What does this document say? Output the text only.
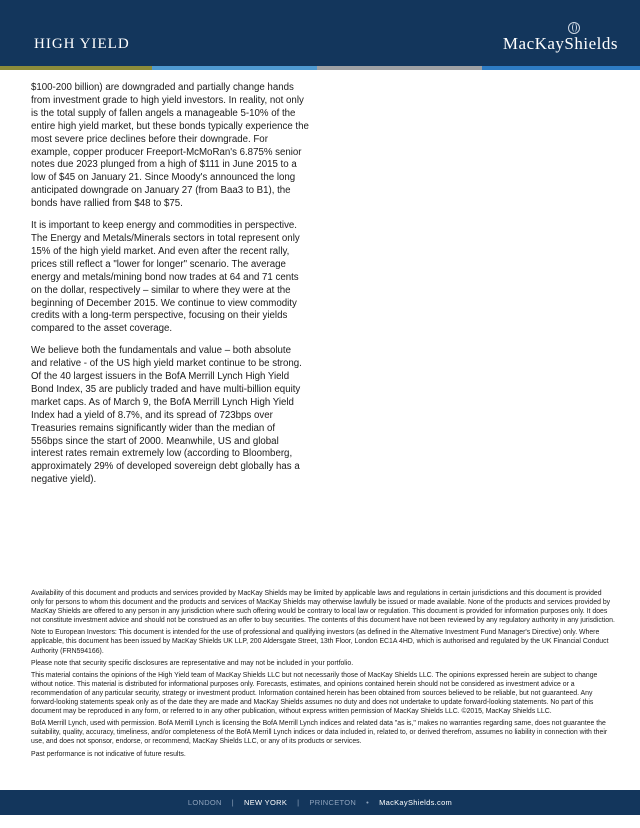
HIGH YIELD	MacKayShields

$100-200 billion) are downgraded and partially change hands from investment grade to high yield investors. In reality, not only is the total supply of fallen angels a manageable 5-10% of the entire high yield market, but these bonds typically experience the most severe price declines before their downgrade. For example, copper producer Freeport-McMoRan's 6.875% senior notes due 2023 plunged from a high of $111 in June 2015 to a low of $45 on January 21. Since Moody's announced the long anticipated downgrade on January 27 (from Baa3 to B1), the bonds have rallied from $48 to $75.

It is important to keep energy and commodities in perspective. The Energy and Metals/Minerals sectors in total represent only 15% of the high yield market. And even after the recent rally, prices still reflect a "lower for longer" scenario. The average energy and metals/mining bond now trades at 64 and 71 cents on the dollar, respectively – similar to where they were at the beginning of December 2015. We continue to view commodity credits with a long-term perspective, focusing on their yields compared to the asset coverage.

We believe both the fundamentals and value – both absolute and relative - of the US high yield market continue to be strong. Of the 40 largest issuers in the BofA Merrill Lynch High Yield Bond Index, 35 are publicly traded and have multi-billion equity market caps. As of March 9, the BofA Merrill Lynch High Yield Index had a yield of 8.7%, and its spread of 723bps over Treasuries remains significantly wider than the median of 556bps since the start of 2000. Meanwhile, US and global interest rates remain extremely low (according to Bloomberg, approximately 29% of developed sovereign debt globally has a negative yield).

Availability of this document and products and services provided by MacKay Shields may be limited by applicable laws and regulations in certain jurisdictions and this document is provided only for persons to whom this document and the products and services of MacKay Shields may otherwise lawfully be issued or made available. None of the products and services provided by MacKay Shields are offered to any person in any jurisdiction where such offering would be contrary to local law or regulation. This document is provided for information purposes only. It does not constitute investment advice and should not be construed as an offer to buy securities. The contents of this document have not been reviewed by any regulatory authority in any jurisdiction.

Note to European Investors: This document is intended for the use of professional and qualifying investors (as defined in the Alternative Investment Fund Manager's Directive) only. Where applicable, this document has been issued by MacKay Shields UK LLP, 200 Aldersgate Street, 13th Floor, London EC1A 4HD, which is authorised and regulated by the UK Financial Conduct Authority (FRN594166).

Please note that security specific disclosures are representative and may not be included in your portfolio.

This material contains the opinions of the High Yield team of MacKay Shields LLC but not necessarily those of MacKay Shields LLC. The opinions expressed herein are subject to change without notice. This material is distributed for informational purposes only. Forecasts, estimates, and opinions contained herein should not be considered as investment advice or a recommendation of any particular security, strategy or investment product. Information contained herein has been obtained from sources believed to be reliable, but not guaranteed. Any forward-looking statements speak only as of the date they are made and MacKay Shields assumes no duty and does not undertake to update forward-looking statements. No part of this document may be reproduced in any form, or referred to in any other publication, without express written permission of MacKay Shields LLC. ©2015, MacKay Shields LLC.

BofA Merrill Lynch, used with permission. BofA Merrill Lynch is licensing the BofA Merrill Lynch indices and related data "as is," makes no warranties regarding same, does not guarantee the suitability, quality, accuracy, timeliness, and/or completeness of the BofA Merrill Lynch indices or data included in, related to, or derived therefrom, assumes no liability in connection with their use, and does not sponsor, endorse, or recommend, MacKay Shields LLC, or any of its products or services.

Past performance is not indicative of future results.

LONDON | NEW YORK | PRINCETON • MacKayShields.com
